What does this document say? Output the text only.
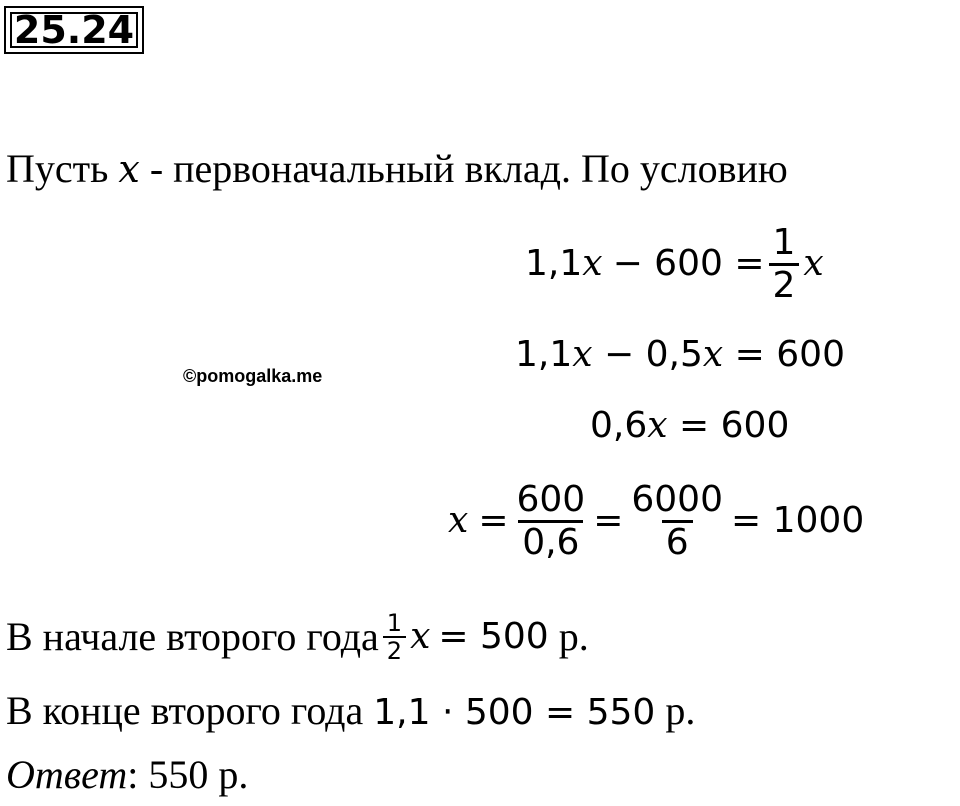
25.24
Пусть x - первоначальный вклад. По условию
1,1 $x - 600 = \frac{1}{2}$ x
©pomogalka.me
1,1x − 0,5x = 600
0,6x = 600
$x = \frac{600}{0,6} = \frac{6000}{6} = 1000$
В начале второго года $\frac{1}{2}$ x = 500 р.
В конце второго года 1,1 ⋅ 500 = 550 р.
Ответ: 550 р.
